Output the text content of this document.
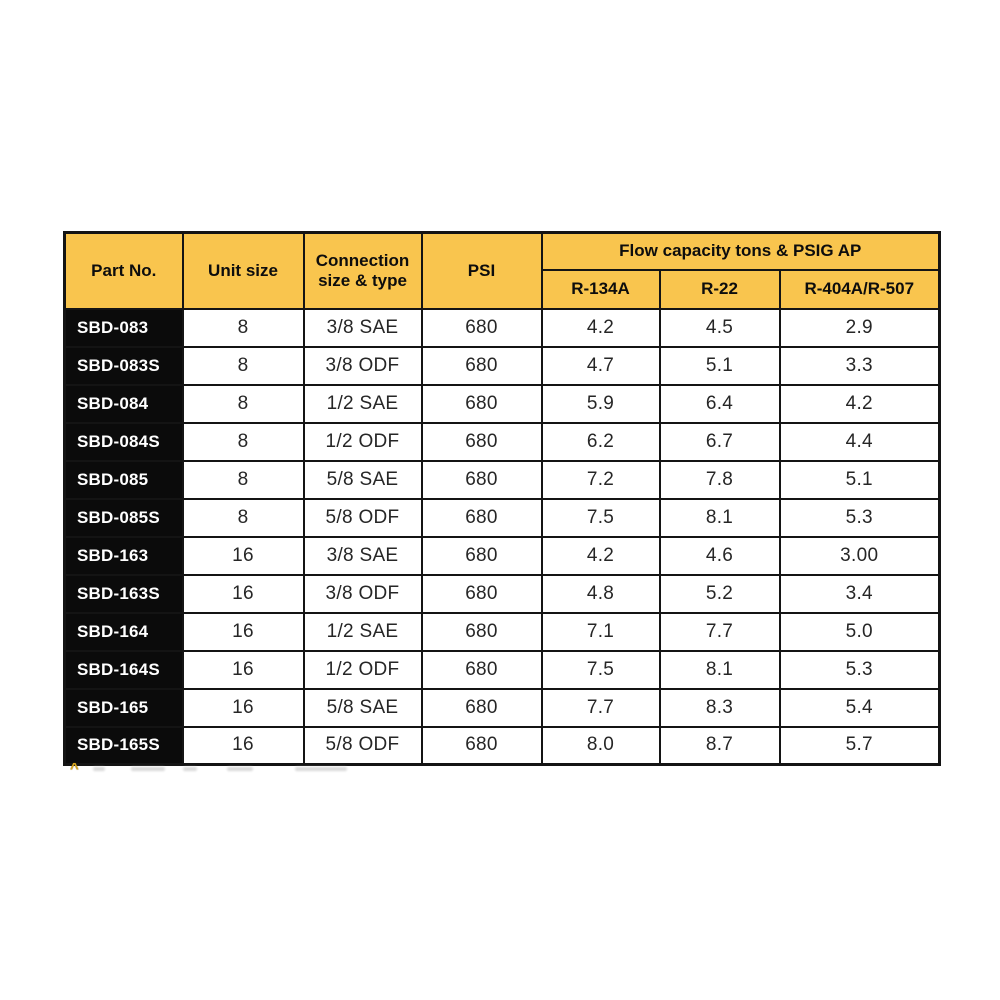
Part No.	Unit size	Connection size & type	PSI	Flow capacity tons & PSIG AP		
				R-134A	R-22	R-404A/R-507
SBD-083	8	3/8 SAE	680	4.2	4.5	2.9
SBD-083S	8	3/8 ODF	680	4.7	5.1	3.3
SBD-084	8	1/2 SAE	680	5.9	6.4	4.2
SBD-084S	8	1/2 ODF	680	6.2	6.7	4.4
SBD-085	8	5/8 SAE	680	7.2	7.8	5.1
SBD-085S	8	5/8 ODF	680	7.5	8.1	5.3
SBD-163	16	3/8 SAE	680	4.2	4.6	3.00
SBD-163S	16	3/8 ODF	680	4.8	5.2	3.4
SBD-164	16	1/2 SAE	680	7.1	7.7	5.0
SBD-164S	16	1/2 ODF	680	7.5	8.1	5.3
SBD-165	16	5/8 SAE	680	7.7	8.3	5.4
SBD-165S	16	5/8 ODF	680	8.0	8.7	5.7
^
